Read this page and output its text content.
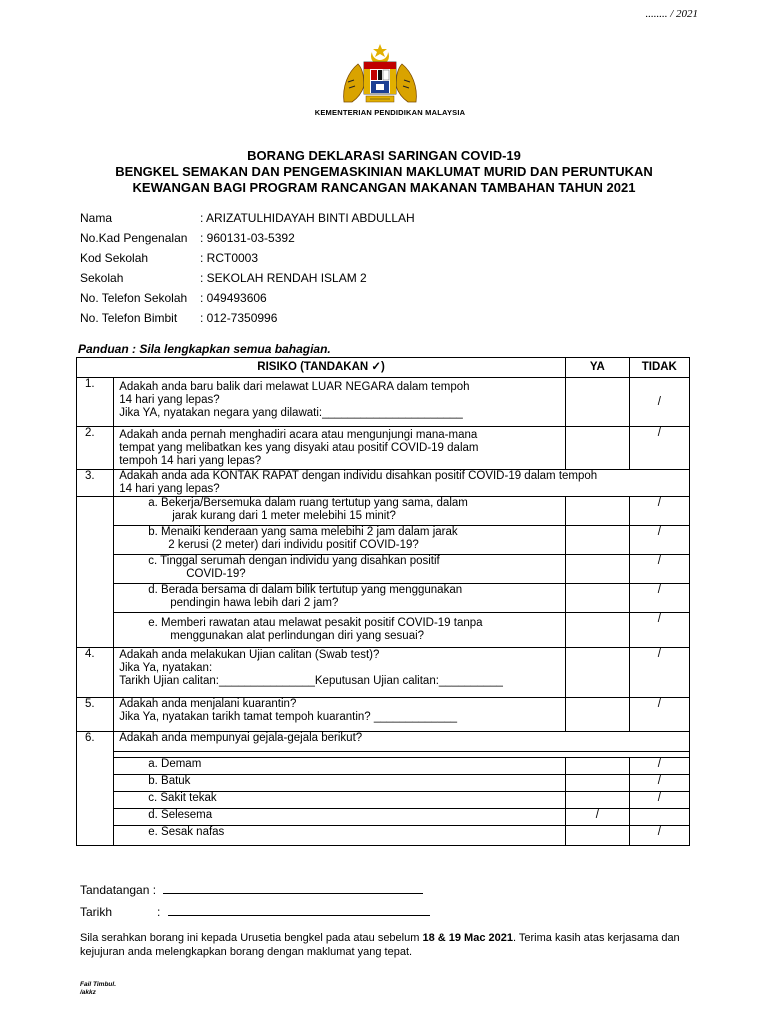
........ / 2021
KEMENTERIAN PENDIDIKAN MALAYSIA
BORANG DEKLARASI SARINGAN COVID-19
BENGKEL SEMAKAN DAN PENGEMASKINIAN MAKLUMAT MURID DAN PERUNTUKAN
KEWANGAN BAGI PROGRAM RANCANGAN MAKANAN TAMBAHAN TAHUN 2021
Nama	: ARIZATULHIDAYAH BINTI ABDULLAH
No.Kad Pengenalan	: 960131-03-5392
Kod Sekolah	: RCT0003
Sekolah	: SEKOLAH RENDAH ISLAM 2
No. Telefon Sekolah	: 049493606
No. Telefon Bimbit	: 012-7350996
Panduan : Sila lengkapkan semua bahagian.
RISIKO (TANDAKAN ✓)		YA	TIDAK
1.	Adakah anda baru balik dari melawat LUAR NEGARA dalam tempoh
14 hari yang lepas?
Jika YA, nyatakan negara yang dilawati:______________________		/
2.	Adakah anda pernah menghadiri acara atau mengunjungi mana-mana
tempat yang melibatkan kes yang disyaki atau positif COVID-19 dalam
tempoh 14 hari yang lepas?		/
3.	Adakah anda ada KONTAK RAPAT dengan individu disahkan positif COVID-19 dalam tempoh
14 hari yang lepas?		

	a. Bekerja/Bersemuka dalam ruang tertutup yang sama, dalam
jarak kurang dari 1 meter melebihi 15 minit?		/

	b. Menaiki kenderaan yang sama melebihi 2 jam dalam jarak
2 kerusi (2 meter) dari individu positif COVID-19?		/

	c. Tinggal serumah dengan individu yang disahkan positif
COVID-19?		/

	d. Berada bersama di dalam bilik tertutup yang menggunakan
pendingin hawa lebih dari 2 jam?		/

	e. Memberi rawatan atau melawat pesakit positif COVID-19 tanpa
menggunakan alat perlindungan diri yang sesuai?		/
4.	Adakah anda melakukan Ujian calitan (Swab test)?
Jika Ya, nyatakan:
Tarikh Ujian calitan:_______________Keputusan Ujian calitan:__________		/
5.	Adakah anda menjalani kuarantin?
Jika Ya, nyatakan tarikh tamat tempoh kuarantin? _____________		/
6.	Adakah anda mempunyai gejala-gejala berikut?		

	a. Demam		/
	b. Batuk		/
	c. Sakit tekak		/
	d. Selesema	/	
	e. Sesak nafas		/
Tandatangan :
Tarikh	:
Sila serahkan borang ini kepada Urusetia bengkel pada atau sebelum 18 & 19 Mac 2021. Terima kasih atas kerjasama dan kejujuran anda melengkapkan borang dengan maklumat yang tepat.
Fail Timbul.
/akkz
